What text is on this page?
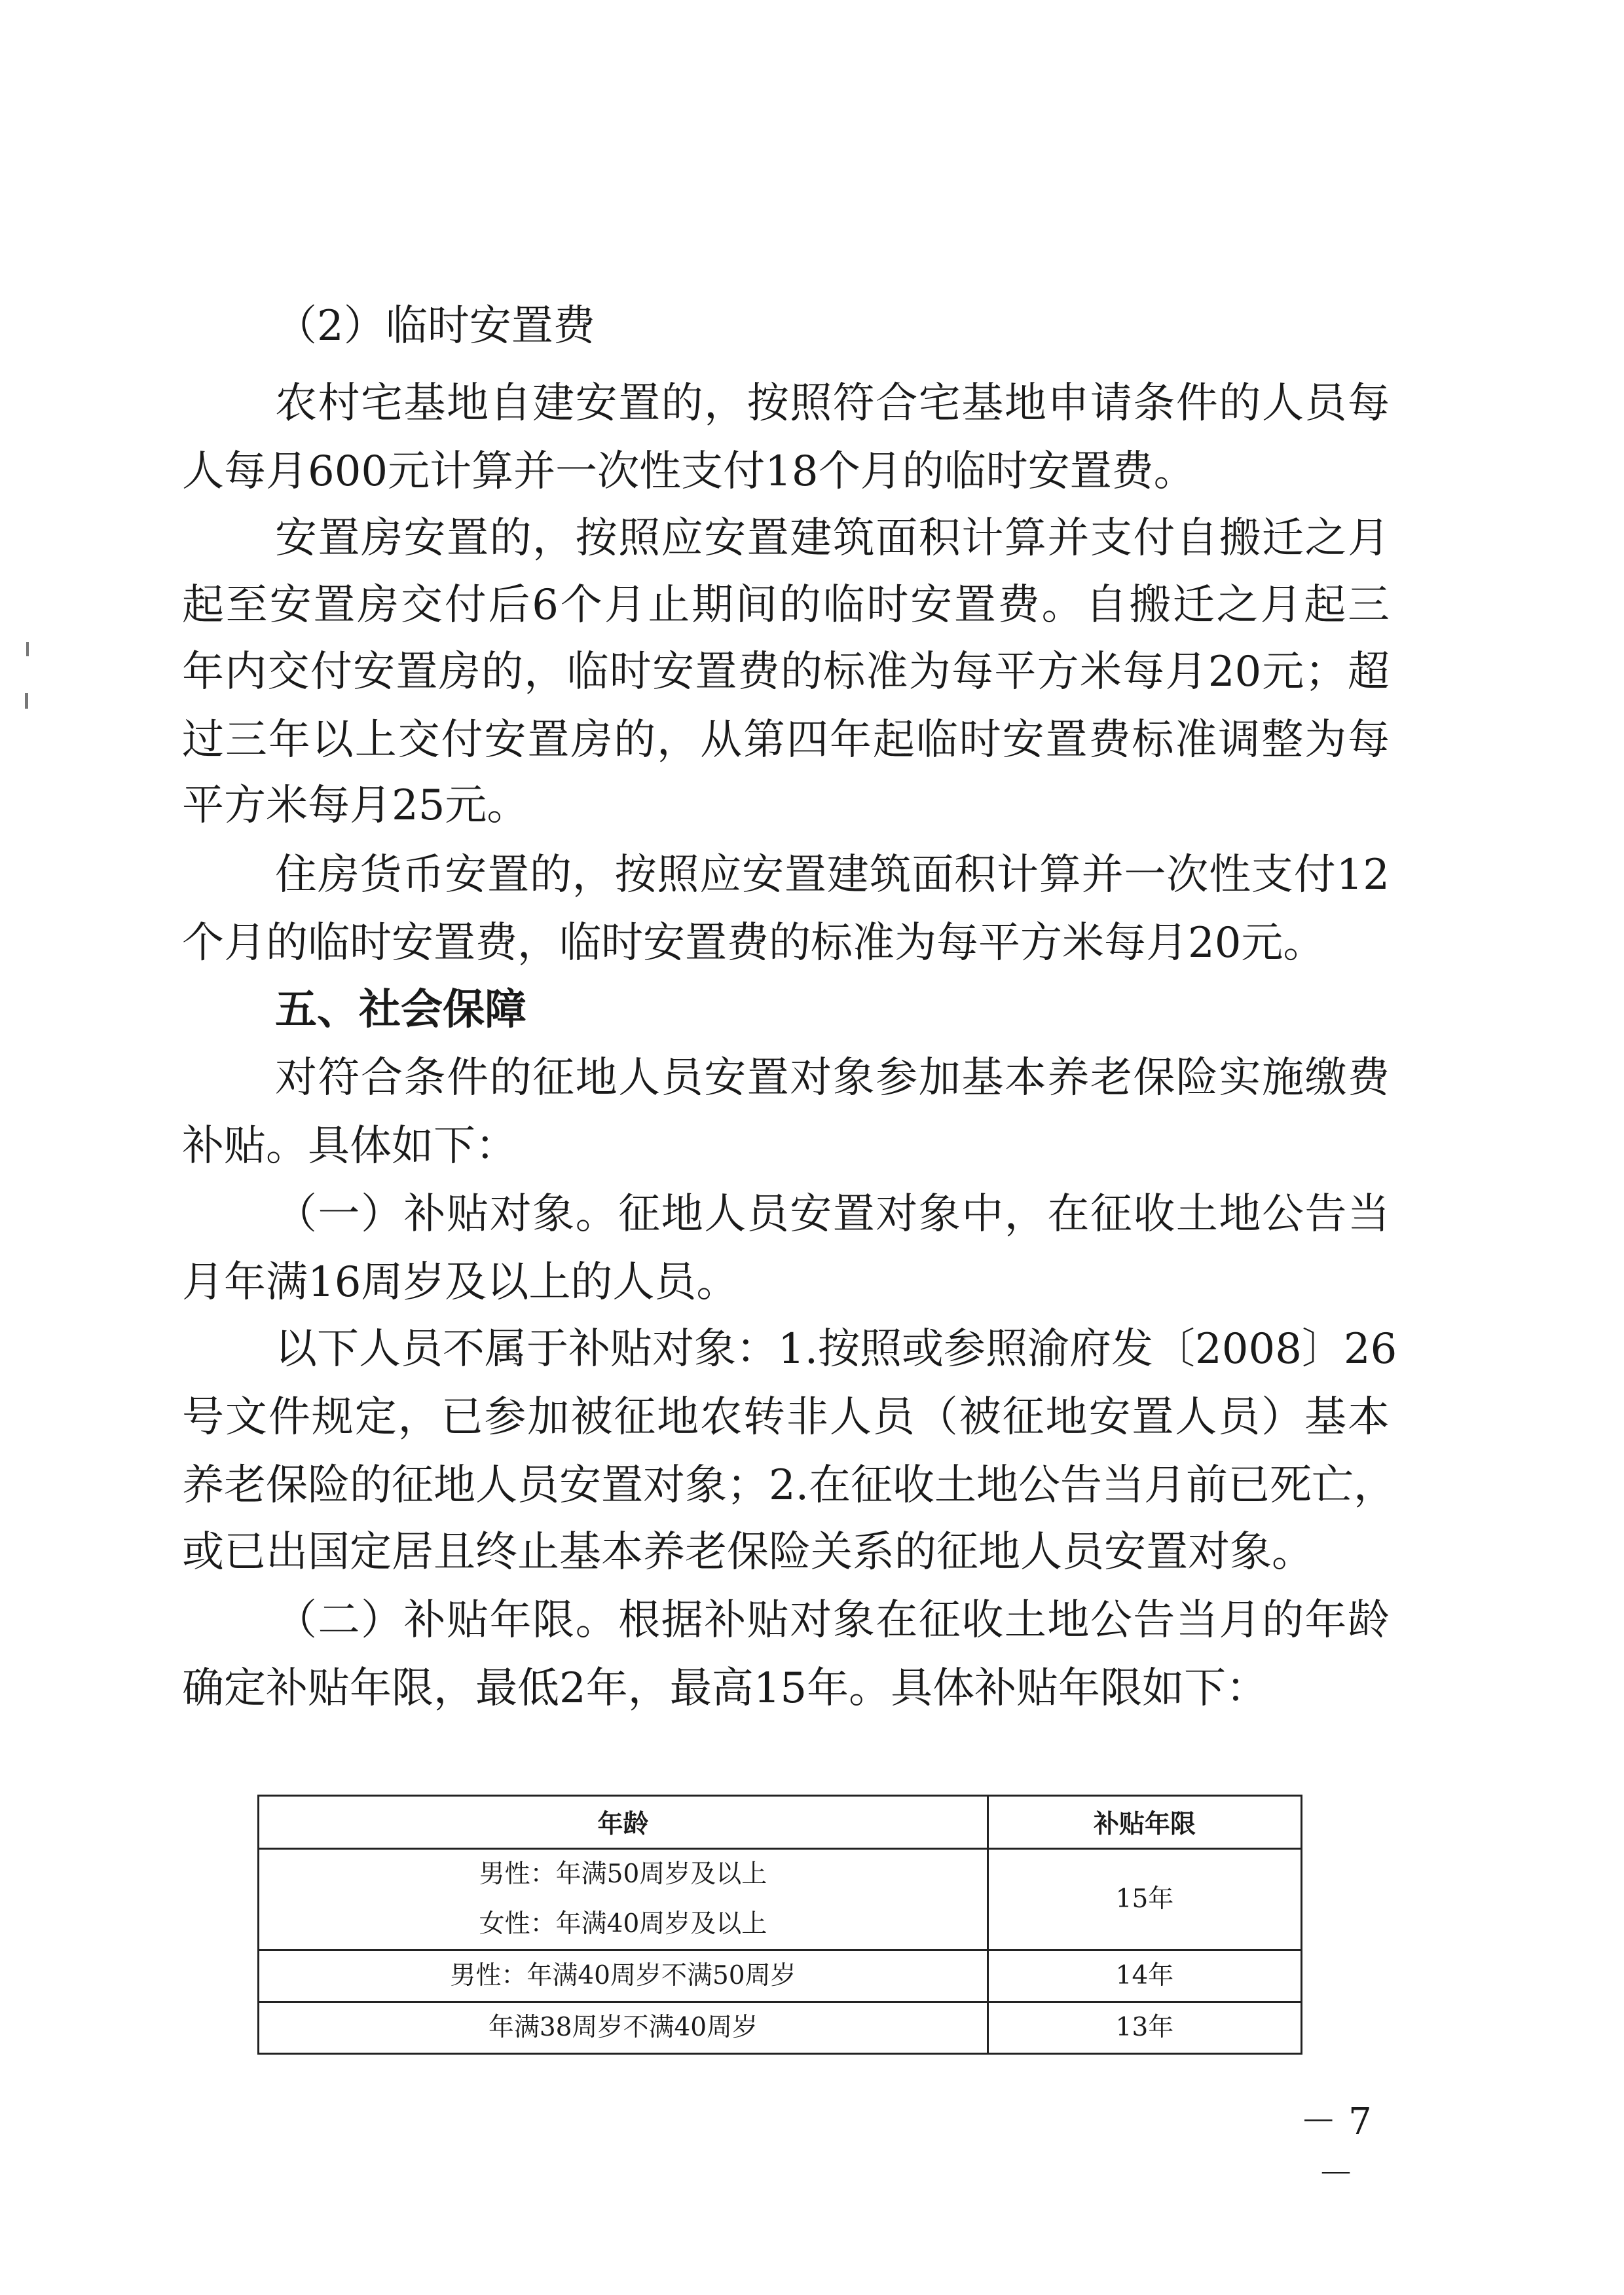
（2）临时安置费
农村宅基地自建安置的，按照符合宅基地申请条件的人员每
人每月600元计算并一次性支付18个月的临时安置费。
安置房安置的，按照应安置建筑面积计算并支付自搬迁之月
起至安置房交付后6个月止期间的临时安置费。自搬迁之月起三
年内交付安置房的，临时安置费的标准为每平方米每月20元；超
过三年以上交付安置房的，从第四年起临时安置费标准调整为每
平方米每月25元。
住房货币安置的，按照应安置建筑面积计算并一次性支付12
个月的临时安置费，临时安置费的标准为每平方米每月20元。
五、社会保障
对符合条件的征地人员安置对象参加基本养老保险实施缴费
补贴。具体如下：
（一）补贴对象。征地人员安置对象中，在征收土地公告当
月年满16周岁及以上的人员。
以下人员不属于补贴对象：1.按照或参照渝府发〔2008〕26
号文件规定，已参加被征地农转非人员（被征地安置人员）基本
养老保险的征地人员安置对象；2.在征收土地公告当月前已死亡，
或已出国定居且终止基本养老保险关系的征地人员安置对象。
（二）补贴年限。根据补贴对象在征收土地公告当月的年龄
确定补贴年限，最低2年，最高15年。具体补贴年限如下：
年龄	补贴年限

男性：年满50周岁及以上
女性：年满40周岁及以上	15年
男性：年满40周岁不满50周岁	14年
年满38周岁不满40周岁	13年
－ 7 －
